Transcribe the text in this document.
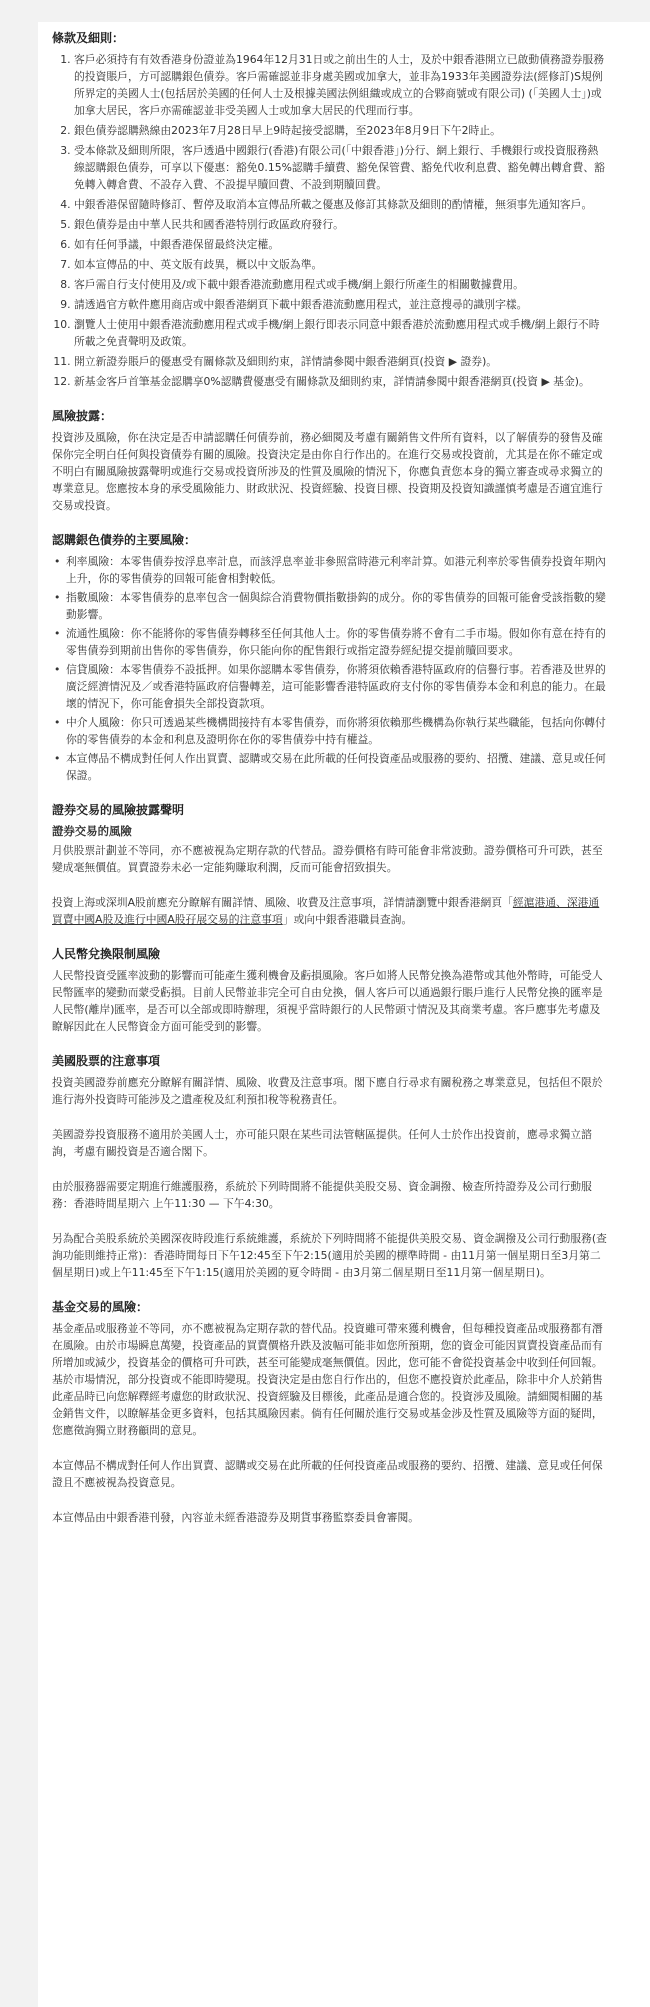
條款及細則：
1. 客戶必須持有有效香港身份證並為1964年12月31日或之前出生的人士，及於中銀香港開立已啟動債務證券服務的投資賬戶，方可認購銀色債券。客戶需確認並非身處美國或加拿大，並非為1933年美國證券法(經修訂)S規例所界定的美國人士(包括居於美國的任何人士及根據美國法例組織或成立的合夥商號或有限公司) (「美國人士」)或加拿大居民，客戶亦需確認並非受美國人士或加拿大居民的代理而行事。
2. 銀色債券認購熱線由2023年7月28日早上9時起接受認購，至2023年8月9日下午2時止。
3. 受本條款及細則所限，客戶透過中國銀行(香港)有限公司(「中銀香港」)分行、網上銀行、手機銀行或投資服務熱線認購銀色債券，可享以下優惠：豁免0.15%認購手續費、豁免保管費、豁免代收利息費、豁免轉出轉倉費、豁免轉入轉倉費、不設存入費、不設提早贖回費、不設到期贖回費。
4. 中銀香港保留隨時修訂、暫停及取消本宣傳品所載之優惠及修訂其條款及細則的酌情權，無須事先通知客戶。
5. 銀色債券是由中華人民共和國香港特別行政區政府發行。
6. 如有任何爭議，中銀香港保留最終決定權。
7. 如本宣傳品的中、英文版有歧異，概以中文版為準。
8. 客戶需自行支付使用及/或下載中銀香港流動應用程式或手機/網上銀行所產生的相關數據費用。
9. 請透過官方軟件應用商店或中銀香港網頁下載中銀香港流動應用程式，並注意搜尋的識別字樣。
10. 瀏覽人士使用中銀香港流動應用程式或手機/網上銀行即表示同意中銀香港於流動應用程式或手機/網上銀行不時所載之免責聲明及政策。
11. 開立新證券賬戶的優惠受有關條款及細則約束，詳情請參閱中銀香港網頁(投資 ▶ 證券)。
12. 新基金客戶首筆基金認購享0%認購費優惠受有關條款及細則約束，詳情請參閱中銀香港網頁(投資 ▶ 基金)。
風險披露：

投資涉及風險，你在決定是否申請認購任何債券前，務必細閱及考慮有關銷售文件所有資料，以了解債券的發售及確保你完全明白任何與投資債券有關的風險。投資決定是由你自行作出的。在進行交易或投資前，尤其是在你不確定或不明白有關風險披露聲明或進行交易或投資所涉及的性質及風險的情況下，你應負責您本身的獨立審查或尋求獨立的專業意見。您應按本身的承受風險能力、財政狀況、投資經驗、投資目標、投資期及投資知識謹慎考慮是否適宜進行交易或投資。

認購銀色債券的主要風險：
• 利率風險：本零售債券按浮息率計息，而該浮息率並非參照當時港元利率計算。如港元利率於零售債券投資年期內上升，你的零售債券的回報可能會相對較低。
• 指數風險：本零售債券的息率包含一個與綜合消費物價指數掛鈎的成分。你的零售債券的回報可能會受該指數的變動影響。
• 流通性風險：你不能將你的零售債券轉移至任何其他人士。你的零售債券將不會有二手市場。假如你有意在持有的零售債券到期前出售你的零售債券，你只能向你的配售銀行或指定證券經紀提交提前贖回要求。
• 信貸風險：本零售債券不設抵押。如果你認購本零售債券，你將須依賴香港特區政府的信譽行事。若香港及世界的廣泛經濟情況及／或香港特區政府信譽轉差，這可能影響香港特區政府支付你的零售債券本金和利息的能力。在最壞的情況下，你可能會損失全部投資款項。
• 中介人風險：你只可透過某些機構間接持有本零售債券，而你將須依賴那些機構為你執行某些職能，包括向你轉付你的零售債券的本金和利息及證明你在你的零售債券中持有權益。
• 本宣傳品不構成對任何人作出買賣、認購或交易在此所載的任何投資產品或服務的要約、招攬、建議、意見或任何保證。
證券交易的風險披露聲明
證券交易的風險

月供股票計劃並不等同，亦不應被視為定期存款的代替品。證券價格有時可能會非常波動。證券價格可升可跌，甚至變成毫無價值。買賣證券未必一定能夠賺取利潤，反而可能會招致損失。

投資上海或深圳A股前應充分瞭解有關詳情、風險、收費及注意事項，詳情請瀏覽中銀香港網頁「經滬港通、深港通買賣中國A股及進行中國A股孖展交易的注意事項」或向中銀香港職員查詢。

人民幣兌換限制風險

人民幣投資受匯率波動的影響而可能產生獲利機會及虧損風險。客戶如將人民幣兌換為港幣或其他外幣時，可能受人民幣匯率的變動而蒙受虧損。目前人民幣並非完全可自由兌換，個人客戶可以通過銀行賬戶進行人民幣兌換的匯率是人民幣(離岸)匯率，是否可以全部或即時辦理，須視乎當時銀行的人民幣頭寸情況及其商業考慮。客戶應事先考慮及瞭解因此在人民幣資金方面可能受到的影響。

美國股票的注意事項

投資美國證券前應充分瞭解有關詳情、風險、收費及注意事項。閣下應自行尋求有關稅務之專業意見，包括但不限於進行海外投資時可能涉及之遺產稅及紅利預扣稅等稅務責任。

美國證券投資服務不適用於美國人士，亦可能只限在某些司法管轄區提供。任何人士於作出投資前，應尋求獨立諮詢，考慮有關投資是否適合閣下。

由於服務器需要定期進行維護服務，系統於下列時間將不能提供美股交易、資金調撥、檢查所持證券及公司行動服務：香港時間星期六 上午11:30 — 下午4:30。

另為配合美股系統於美國深夜時段進行系統維護，系統於下列時間將不能提供美股交易、資金調撥及公司行動服務(查詢功能則維持正常)：香港時間每日下午12:45至下午2:15(適用於美國的標準時間 - 由11月第一個星期日至3月第二個星期日)或上午11:45至下午1:15(適用於美國的夏令時間 - 由3月第二個星期日至11月第一個星期日)。

基金交易的風險：

基金產品或服務並不等同，亦不應被視為定期存款的替代品。投資雖可帶來獲利機會，但每種投資產品或服務都有潛在風險。由於市場瞬息萬變，投資產品的買賣價格升跌及波幅可能非如您所預期，您的資金可能因買賣投資產品而有所增加或減少，投資基金的價格可升可跌，甚至可能變成毫無價值。因此，您可能不會從投資基金中收到任何回報。基於市場情況，部分投資或不能即時變現。投資決定是由您自行作出的，但您不應投資於此產品，除非中介人於銷售此產品時已向您解釋經考慮您的財政狀況、投資經驗及目標後，此產品是適合您的。投資涉及風險。請細閱相關的基金銷售文件，以瞭解基金更多資料，包括其風險因素。倘有任何關於進行交易或基金涉及性質及風險等方面的疑問，您應徵詢獨立財務顧問的意見。

本宣傳品不構成對任何人作出買賣、認購或交易在此所載的任何投資產品或服務的要約、招攬、建議、意見或任何保證且不應被視為投資意見。

本宣傳品由中銀香港刊發，內容並未經香港證券及期貨事務監察委員會審閱。
